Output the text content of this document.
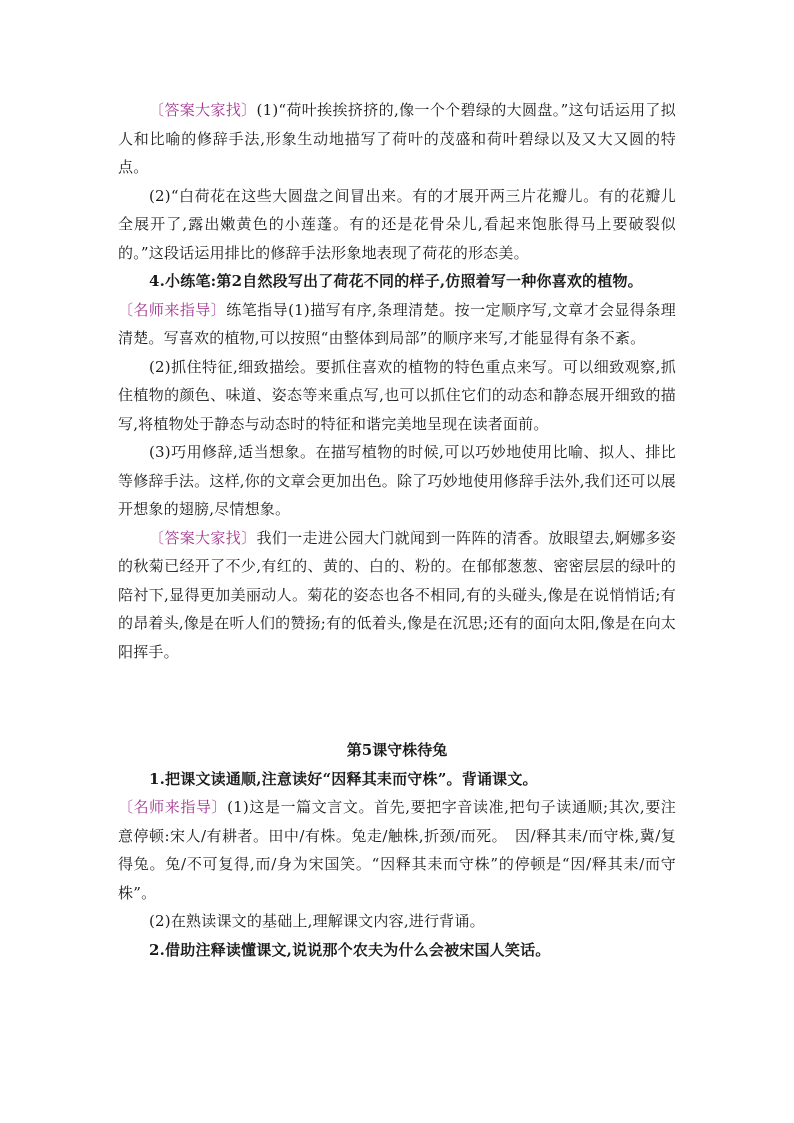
〔答案大家找〕(1)“荷叶挨挨挤挤的,像一个个碧绿的大圆盘。”这句话运用了拟人和比喻的修辞手法,形象生动地描写了荷叶的茂盛和荷叶碧绿以及又大又圆的特点。

(2)“白荷花在这些大圆盘之间冒出来。有的才展开两三片花瓣儿。有的花瓣儿全展开了,露出嫩黄色的小莲蓬。有的还是花骨朵儿,看起来饱胀得马上要破裂似的。”这段话运用排比的修辞手法形象地表现了荷花的形态美。

4.小练笔:第2自然段写出了荷花不同的样子,仿照着写一种你喜欢的植物。

〔名师来指导〕练笔指导(1)描写有序,条理清楚。按一定顺序写,文章才会显得条理清楚。写喜欢的植物,可以按照“由整体到局部”的顺序来写,才能显得有条不紊。

(2)抓住特征,细致描绘。要抓住喜欢的植物的特色重点来写。可以细致观察,抓住植物的颜色、味道、姿态等来重点写,也可以抓住它们的动态和静态展开细致的描写,将植物处于静态与动态时的特征和谐完美地呈现在读者面前。

(3)巧用修辞,适当想象。在描写植物的时候,可以巧妙地使用比喻、拟人、排比等修辞手法。这样,你的文章会更加出色。除了巧妙地使用修辞手法外,我们还可以展开想象的翅膀,尽情想象。

〔答案大家找〕我们一走进公园大门就闻到一阵阵的清香。放眼望去,婀娜多姿的秋菊已经开了不少,有红的、黄的、白的、粉的。在郁郁葱葱、密密层层的绿叶的陪衬下,显得更加美丽动人。菊花的姿态也各不相同,有的头碰头,像是在说悄悄话;有的昂着头,像是在听人们的赞扬;有的低着头,像是在沉思;还有的面向太阳,像是在向太阳挥手。

第5课守株待兔

1.把课文读通顺,注意读好“因释其耒而守株”。背诵课文。

〔名师来指导〕(1)这是一篇文言文。首先,要把字音读准,把句子读通顺;其次,要注意停顿:宋人/有耕者。田中/有株。兔走/触株,折颈/而死。　因/释其耒/而守株,冀/复得兔。兔/不可复得,而/身为宋国笑。“因释其耒而守株”的停顿是“因/释其耒/而守株”。

(2)在熟读课文的基础上,理解课文内容,进行背诵。

2.借助注释读懂课文,说说那个农夫为什么会被宋国人笑话。
